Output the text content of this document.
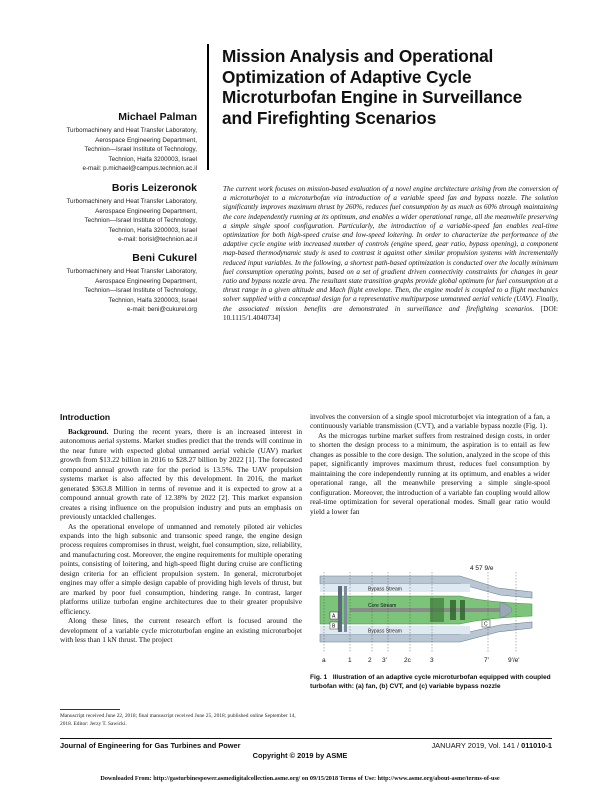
Mission Analysis and Operational Optimization of Adaptive Cycle Microturbofan Engine in Surveillance and Firefighting Scenarios
Michael Palman
Turbomachinery and Heat Transfer Laboratory,
Aerospace Engineering Department,
Technion—Israel Institute of Technology,
Technion, Haifa 3200003, Israel
e-mail: p.michael@campus.technion.ac.il
Boris Leizeronok
Turbomachinery and Heat Transfer Laboratory,
Aerospace Engineering Department,
Technion—Israel Institute of Technology,
Technion, Haifa 3200003, Israel
e-mail: borisl@technion.ac.il
Beni Cukurel
Turbomachinery and Heat Transfer Laboratory,
Aerospace Engineering Department,
Technion—Israel Institute of Technology,
Technion, Haifa 3200003, Israel
e-mail: beni@cukurel.org
The current work focuses on mission-based evaluation of a novel engine architecture arising from the conversion of a microturbojet to a microturbofan via introduction of a variable speed fan and bypass nozzle. The solution significantly improves maximum thrust by 260%, reduces fuel consumption by as much as 60% through maintaining the core independently running at its optimum, and enables a wider operational range, all the meanwhile preserving a simple single spool configuration. Particularly, the introduction of a variable-speed fan enables real-time optimization for both high-speed cruise and low-speed loitering. In order to characterize the performance of the adaptive cycle engine with increased number of controls (engine speed, gear ratio, bypass opening), a component map-based thermodynamic study is used to contrast it against other similar propulsion systems with incrementally reduced input variables. In the following, a shortest path-based optimization is conducted over the locally minimum fuel consumption operating points, based on a set of gradient driven connectivity constraints for changes in gear ratio and bypass nozzle area. The resultant state transition graphs provide global optimum for fuel consumption at a thrust range in a given altitude and Mach flight envelope. Then, the engine model is coupled to a flight mechanics solver supplied with a conceptual design for a representative multipurpose unmanned aerial vehicle (UAV). Finally, the associated mission benefits are demonstrated in surveillance and firefighting scenarios. [DOI: 10.1115/1.4040734]
Introduction

Background. During the recent years, there is an increased interest in autonomous aerial systems. Market studies predict that the trends will continue in the near future with expected global unmanned aerial vehicle (UAV) market growth from $13.22 billion in 2016 to $28.27 billion by 2022 [1]. The forecasted compound annual growth rate for the period is 13.5%. The UAV propulsion systems market is also affected by this development. In 2016, the market generated $363.8 Million in terms of revenue and it is expected to grow at a compound annual growth rate of 12.38% by 2022 [2]. This market expansion creates a rising influence on the propulsion industry and puts an emphasis on previously untackled challenges.

As the operational envelope of unmanned and remotely piloted air vehicles expands into the high subsonic and transonic speed range, the engine design process requires compromises in thrust, weight, fuel consumption, size, reliability, and manufacturing cost. Moreover, the engine requirements for multiple operating points, consisting of loitering, and high-speed flight during cruise are conflicting design criteria for an efficient propulsion system. In general, microturbojet engines may offer a simple design capable of providing high levels of thrust, but are marked by poor fuel consumption, hindering range. In contrast, larger platforms utilize turbofan engine architectures due to their greater propulsive efficiency.

Along these lines, the current research effort is focused around the development of a variable cycle microturbofan engine an existing microturbojet with less than 1 kN thrust. The project

involves the conversion of a single spool microturbojet via integration of a fan, a continuously variable transmission (CVT), and a variable bypass nozzle (Fig. 1).

As the microgas turbine market suffers from restrained design costs, in order to shorten the design process to a minimum, the aspiration is to entail as few changes as possible to the core design. The solution, analyzed in the scope of this paper, significantly improves maximum thrust, reduces fuel consumption by maintaining the core independently running at its optimum, and enables a wider operational range, all the meanwhile preserving a simple single-spool configuration. Moreover, the introduction of a variable fan coupling would allow real-time optimization for several operational modes. Small gear ratio would yield a lower fan

Manuscript received June 22, 2018; final manuscript received June 25, 2018; published online September 14, 2018. Editor: Jerzy T. Sawicki.
Bypass Stream
Core Stream
Bypass Stream
A
B	C
4 57 9/e
a	1	2 3'	2c	3	7'	9'/e'
Fig. 1 Illustration of an adaptive cycle microturbofan equipped with coupled turbofan with: (a) fan, (b) CVT, and (c) variable bypass nozzle
Journal of Engineering for Gas Turbines and Power	JANUARY 2019, Vol. 141 / 011010-1
Copyright © 2019 by ASME
Downloaded From: http://gasturbinespower.asmedigitalcollection.asme.org/ on 09/15/2018 Terms of Use: http://www.asme.org/about-asme/terms-of-use
